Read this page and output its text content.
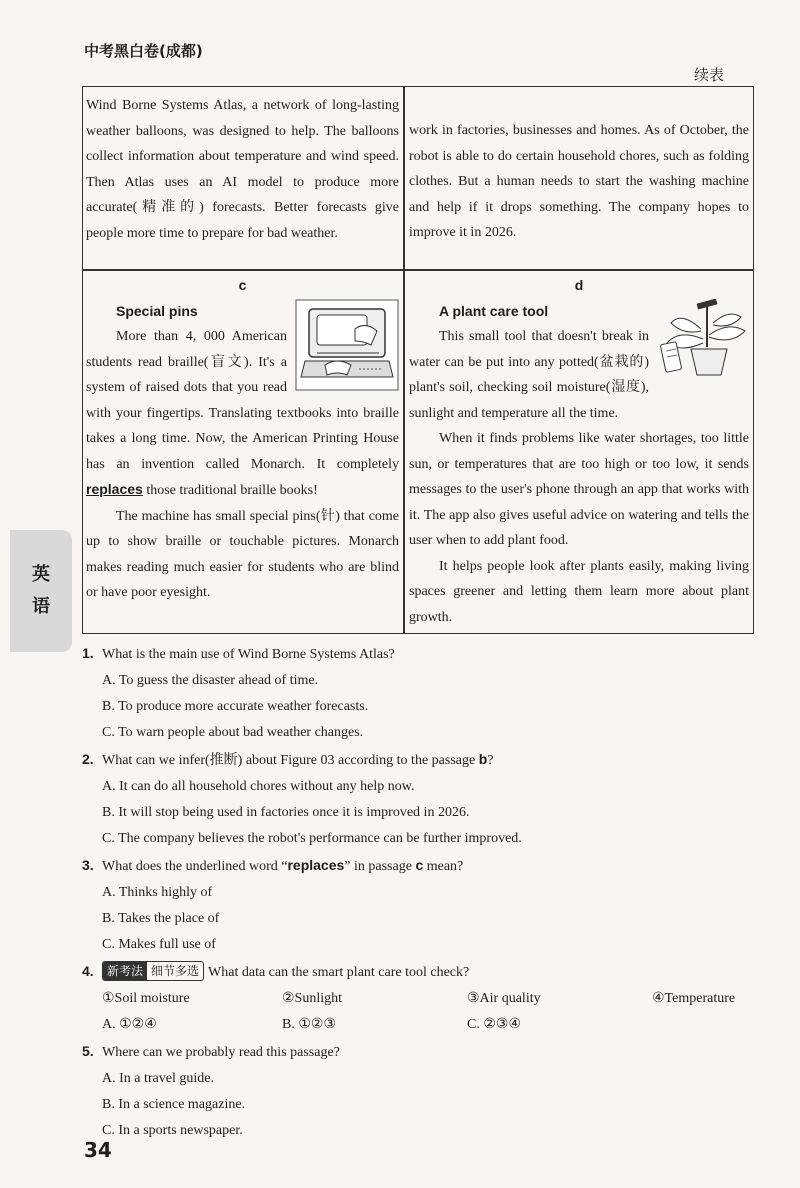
中考黑白卷(成都)
续表
英
语

Wind Borne Systems Atlas, a network of long-lasting weather balloons, was designed to help. The balloons collect information about temperature and wind speed. Then Atlas uses an AI model to produce more accurate(精准的) forecasts. Better forecasts give people more time to prepare for bad weather.

work in factories, businesses and homes. As of October, the robot is able to do certain household chores, such as folding clothes. But a human needs to start the washing machine and help if it drops something. The company hopes to improve it in 2026.

c
Special pins

More than 4, 000 American students read braille(盲文). It's a system of raised dots that you read with your fingertips. Translating textbooks into braille takes a long time. Now, the American Printing House has an invention called Monarch. It completely replaces those traditional braille books!

The machine has small special pins(针) that come up to show braille or touchable pictures. Monarch makes reading much easier for students who are blind or have poor eyesight.

d
A plant care tool

This small tool that doesn't break in water can be put into any potted(盆栽的) plant's soil, checking soil moisture(湿度), sunlight and temperature all the time.

When it finds problems like water shortages, too little sun, or temperatures that are too high or too low, it sends messages to the user's phone through an app that works with it. The app also gives useful advice on watering and tells the user when to add plant food.

It helps people look after plants easily, making living spaces greener and letting them learn more about plant growth.

1. What is the main use of Wind Borne Systems Atlas?
A. To guess the disaster ahead of time.
B. To produce more accurate weather forecasts.
C. To warn people about bad weather changes.
2. What can we infer(推断) about Figure 03 according to the passage b?
A. It can do all household chores without any help now.
B. It will stop being used in factories once it is improved in 2026.
C. The company believes the robot's performance can be further improved.
3. What does the underlined word “replaces” in passage c mean?
A. Thinks highly of
B. Takes the place of
C. Makes full use of
4.	新考法 细节多选 What data can the smart plant care tool check?
①Soil moisture	②Sunlight	③Air quality	④Temperature
A. ①②④	B. ①②③	C. ②③④
5. Where can we probably read this passage?
A. In a travel guide.
B. In a science magazine.
C. In a sports newspaper.
34
